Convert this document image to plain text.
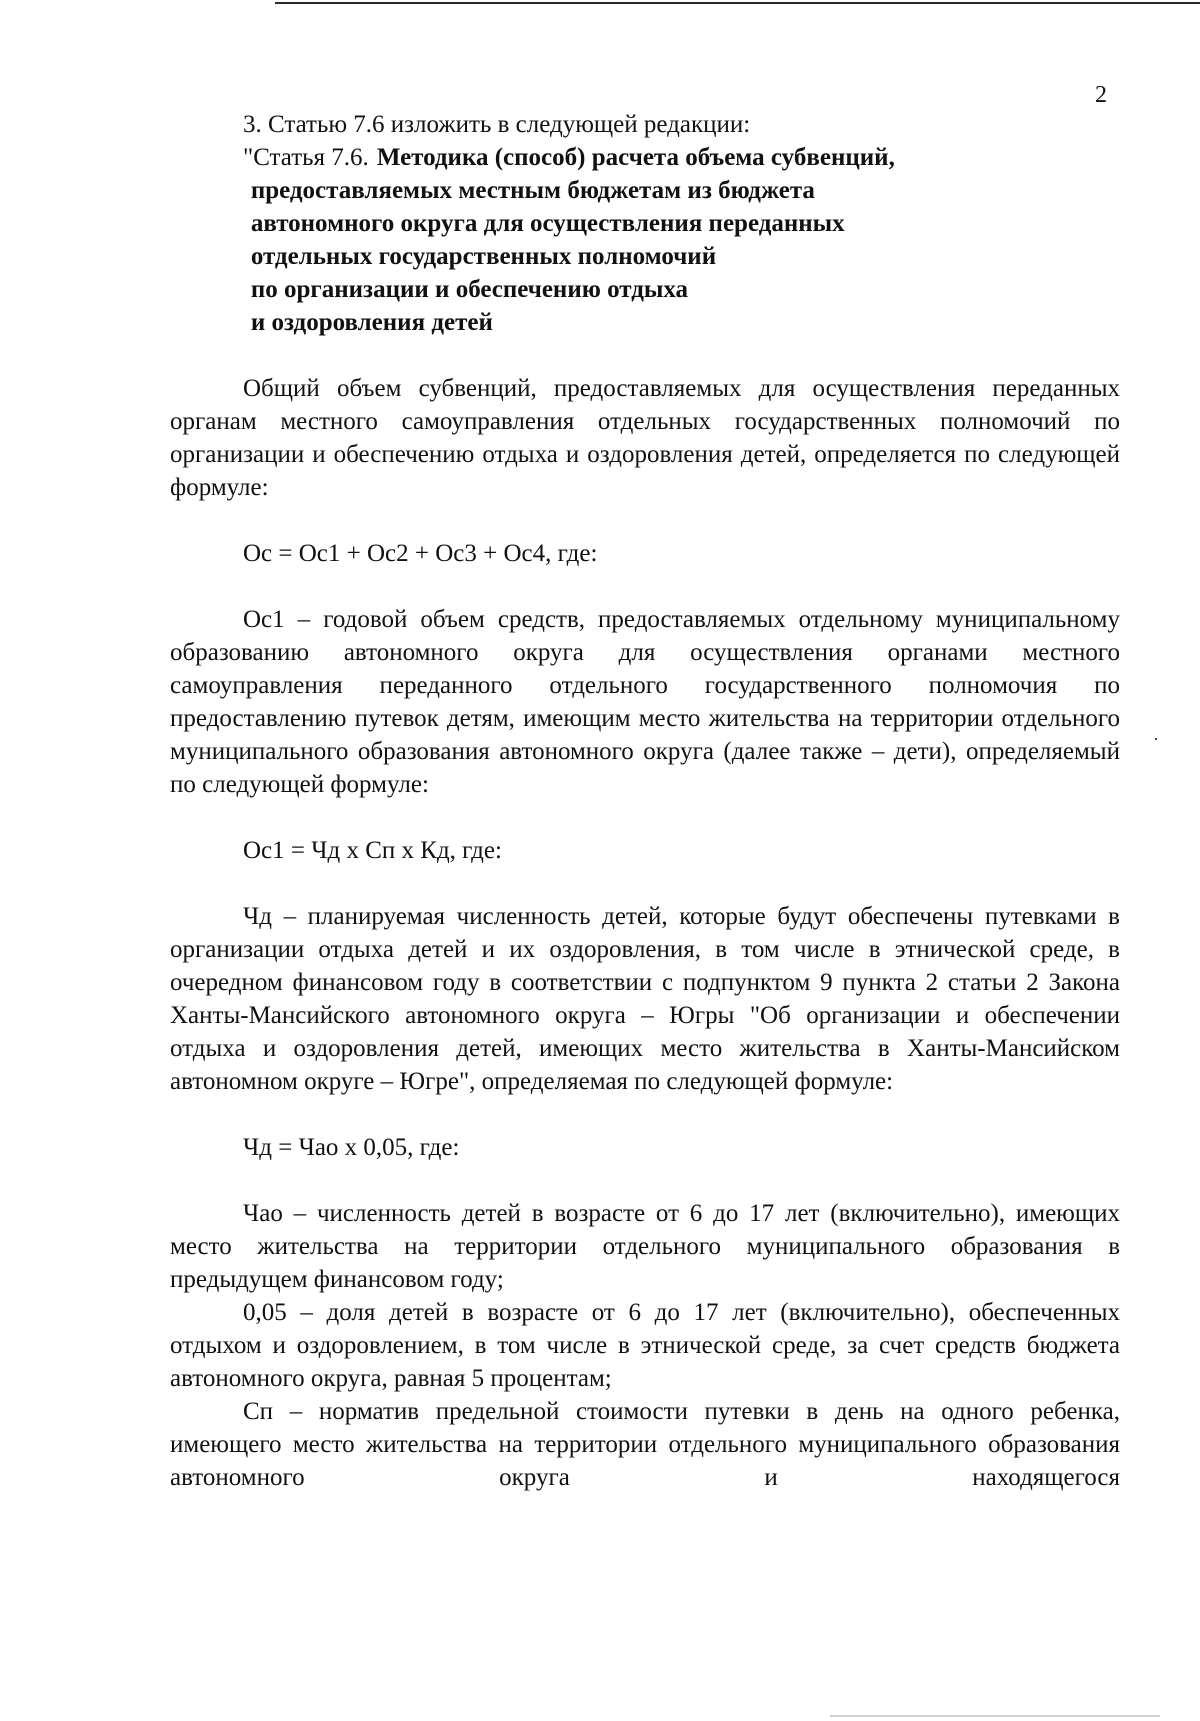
2
3. Статью 7.6 изложить в следующей редакции:
"Статья 7.6. Методика (способ) расчета объема субвенций,
предоставляемых местным бюджетам из бюджета
автономного округа для осуществления переданных
отдельных государственных полномочий
по организации и обеспечению отдыха
и оздоровления детей

Общий объем субвенций, предоставляемых для осуществления переданных органам местного самоуправления отдельных государственных полномочий по организации и обеспечению отдыха и оздоровления детей, определяется по следующей формуле:

Ос = Ос1 + Ос2 + Ос3 + Ос4, где:

Ос1 – годовой объем средств, предоставляемых отдельному муниципальному образованию автономного округа для осуществления органами местного самоуправления переданного отдельного государственного полномочия по предоставлению путевок детям, имеющим место жительства на территории отдельного муниципального образования автономного округа (далее также – дети), определяемый по следующей формуле:

Ос1 = Чд х Сп х Кд, где:

Чд – планируемая численность детей, которые будут обеспечены путевками в организации отдыха детей и их оздоровления, в том числе в этнической среде, в очередном финансовом году в соответствии с подпунктом 9 пункта 2 статьи 2 Закона Ханты-Мансийского автономного округа – Югры "Об организации и обеспечении отдыха и оздоровления детей, имеющих место жительства в Ханты-Мансийском автономном округе – Югре", определяемая по следующей формуле:

Чд = Чао х 0,05, где:

Чао – численность детей в возрасте от 6 до 17 лет (включительно), имеющих место жительства на территории отдельного муниципального образования в предыдущем финансовом году;

0,05 – доля детей в возрасте от 6 до 17 лет (включительно), обеспеченных отдыхом и оздоровлением, в том числе в этнической среде, за счет средств бюджета автономного округа, равная 5 процентам;

Сп – норматив предельной стоимости путевки в день на одного ребенка, имеющего место жительства на территории отдельного муниципального образования автономного округа и находящегося
